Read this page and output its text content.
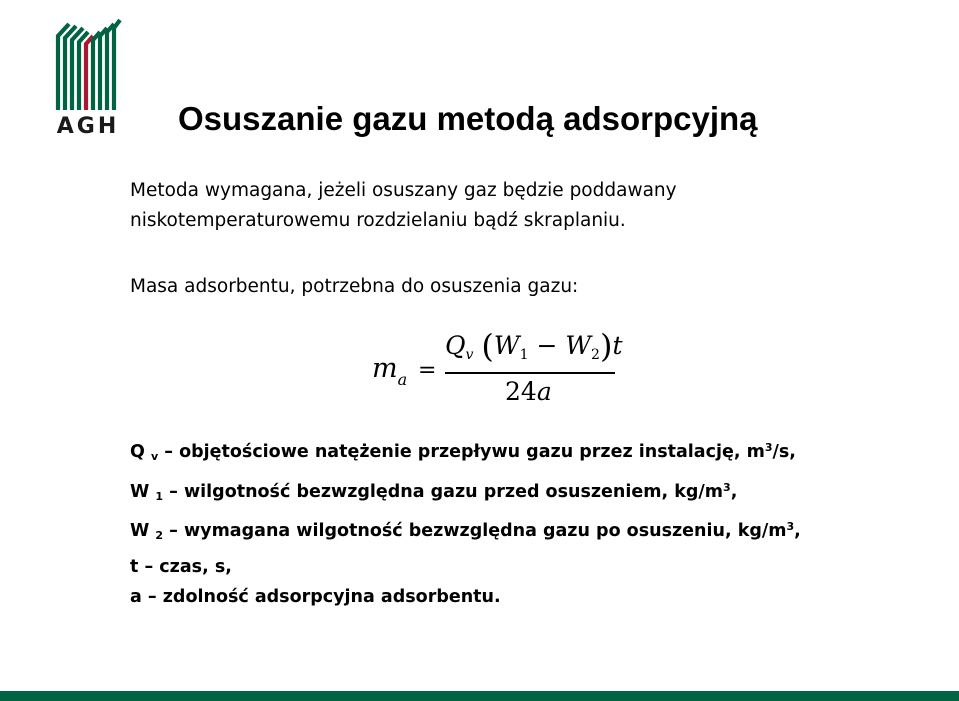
AGH Osuszanie gazu metodą adsorpcyjną
Metoda wymagana, jeżeli osuszany gaz będzie poddawany
niskotemperaturowemu rozdzielaniu bądź skraplaniu.
Masa adsorbentu, potrzebna do osuszenia gazu:
$m_a$ =
$Q_v$ $(W_1 - W_2)t$
24a
Q $_v$ – objętościowe natężenie przepływu gazu przez instalację, $m^3/s$,
W $_1$ – wilgotność bezwzględna gazu przed osuszeniem, $kg/m^3$,
W $_2$ – wymagana wilgotność bezwzględna gazu po osuszeniu, $kg/m^3$,
t – czas, s,
a – zdolność adsorpcyjna adsorbentu.
